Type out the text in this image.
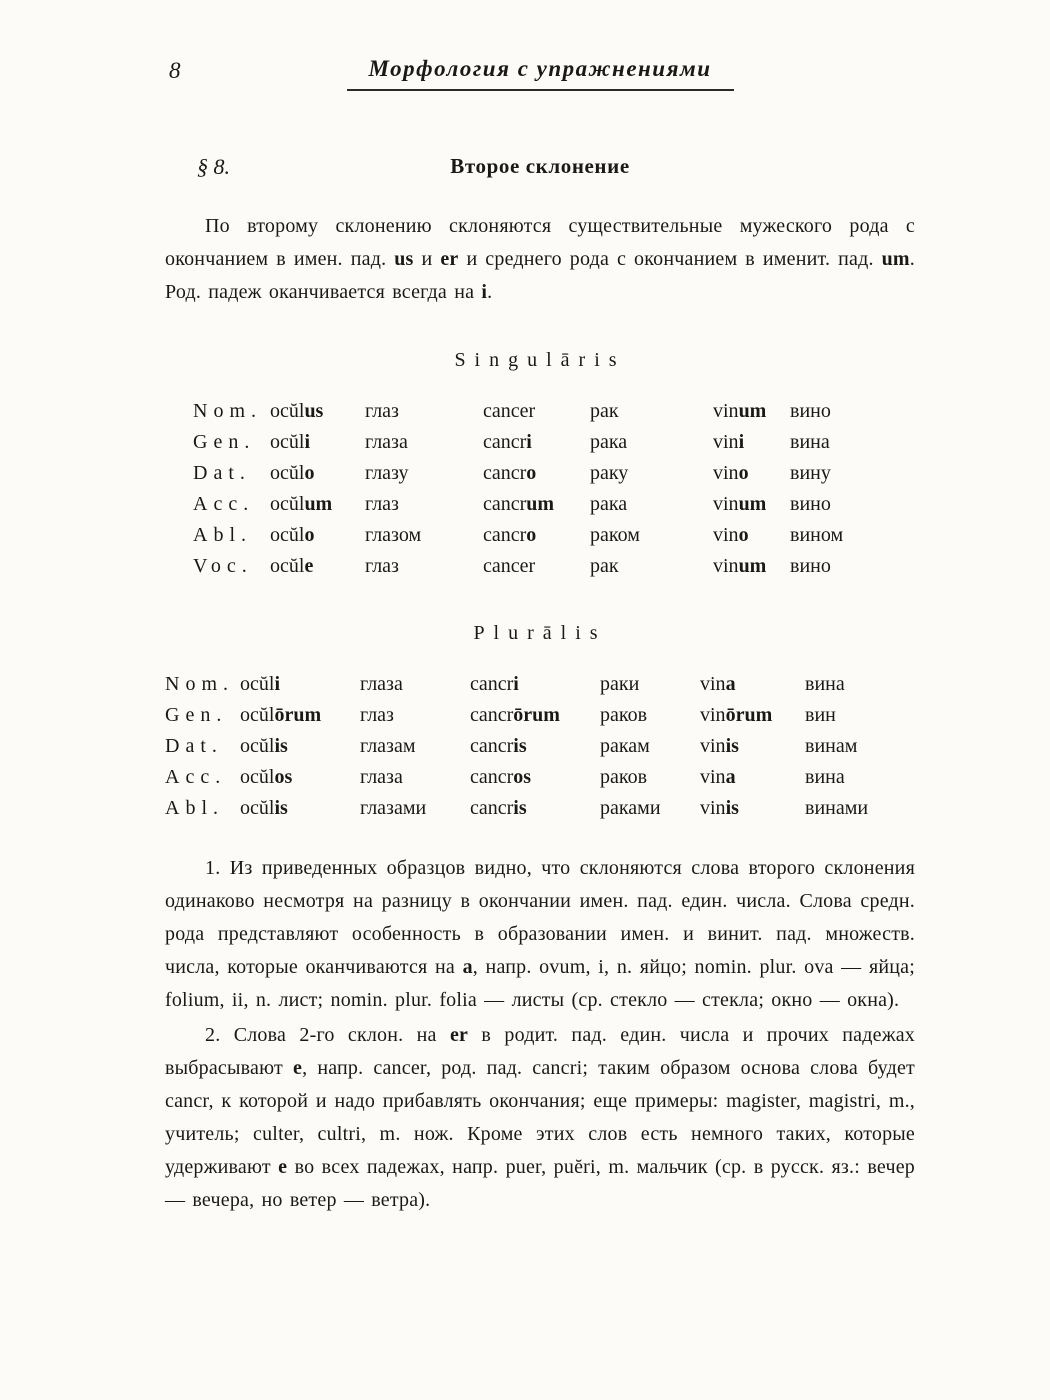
8	Морфология с упражнениями
§ 8.	Второе склонение

По второму склонению склоняются существительные мужеского рода с окончанием в имен. пад. us и er и среднего рода с окончанием в именит. пад. um. Род. падеж оканчивается всегда на i.

Singulāris
Nom. ocŭlus	глаз	cancer	рак	vinum	вино
Gen. ocŭli	глаза	cancri	рака	vini	вина
Dat. ocŭlo	глазу	cancro	раку	vino	вину
Acc. ocŭlum	глаз	cancrum	рака	vinum	вино
Abl. ocŭlo	глазом	cancro	раком	vino	вином
Voc. ocŭle	глаз	cancer	рак	vinum	вино
Plurālis
Nom. ocŭli	глаза	cancri	раки	vina	вина
Gen. ocŭlōrum	глаз	cancrōrum	раков	vinōrum	вин
Dat. ocŭlis	глазам	cancris	ракам	vinis	винам
Acc. ocŭlos	глаза	cancros	раков	vina	вина
Abl. ocŭlis	глазами	cancris	раками	vinis	винами

1. Из приведенных образцов видно, что склоняются слова второго склонения одинаково несмотря на разницу в окончании имен. пад. един. числа. Слова средн. рода представляют особенность в образовании имен. и винит. пад. множеств. числа, которые оканчиваются на a, напр. ovum, i, n. яйцо; nomin. plur. ova — яйца; folium, ii, n. лист; nomin. plur. folia — листы (ср. стекло — стекла; окно — окна).

2. Слова 2-го склон. на er в родит. пад. един. числа и прочих падежах выбрасывают e, напр. cancer, род. пад. cancri; таким образом основа слова будет cancr, к которой и надо прибавлять окончания; еще примеры: magister, magistri, m., учитель; culter, cultri, m. нож. Кроме этих слов есть немного таких, которые удерживают e во всех падежах, напр. puer, puĕri, m. мальчик (ср. в русск. яз.: вечер — вечера, но ветер — ветра).
